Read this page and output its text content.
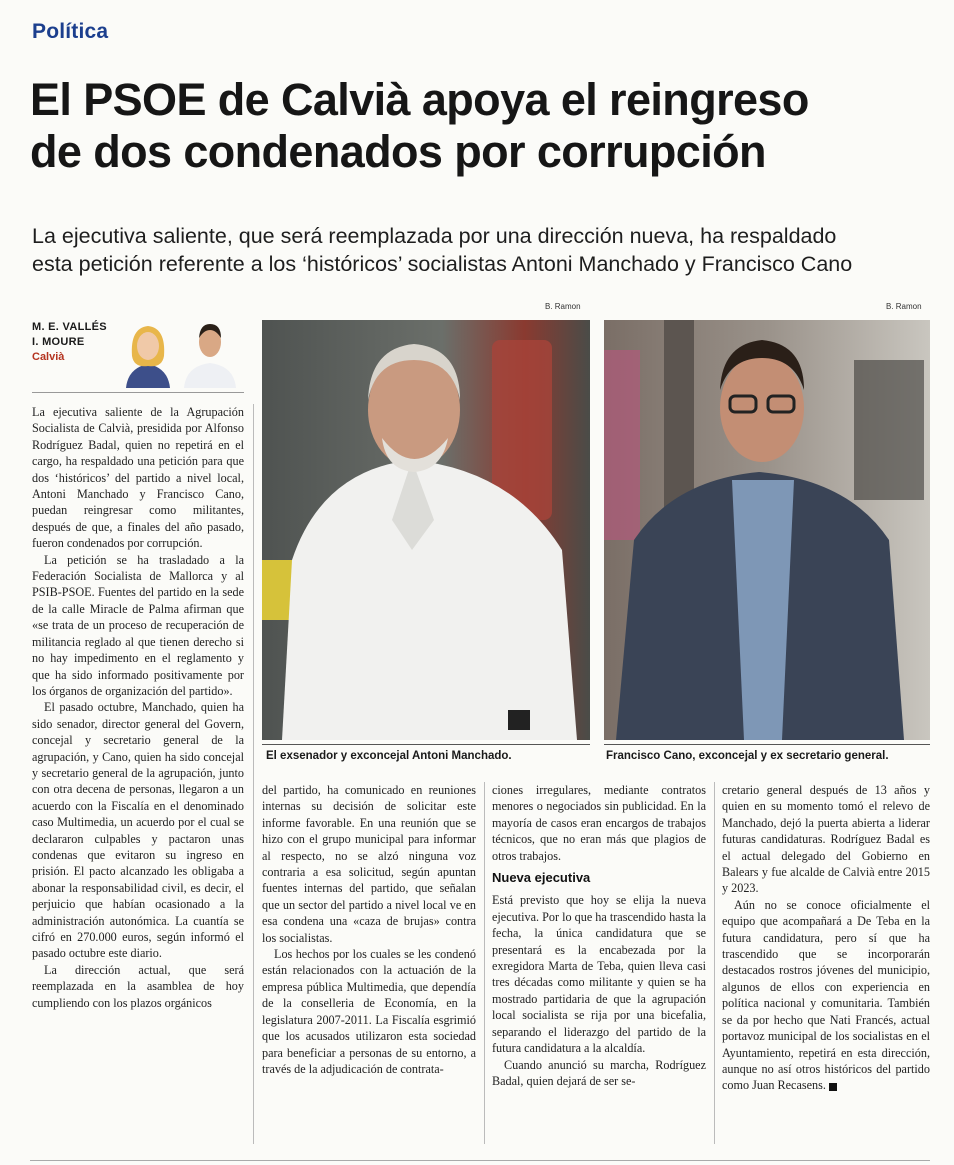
Política
El PSOE de Calvià apoya el reingreso
de dos condenados por corrupción
La ejecutiva saliente, que será reemplazada por una dirección nueva, ha respaldado
esta petición referente a los ‘históricos’ socialistas Antoni Manchado y Francisco Cano
M. E. VALLÉS
I. MOURE
Calvià
B. Ramon
El exsenador y exconcejal Antoni Manchado.
B. Ramon
Francisco Cano, exconcejal y ex secretario general.

La ejecutiva saliente de la Agrupación Socialista de Calvià, presidida por Alfonso Rodríguez Badal, quien no repetirá en el cargo, ha respaldado una petición para que dos ‘históricos’ del partido a nivel local, Antoni Manchado y Francisco Cano, puedan reingresar como militantes, después de que, a finales del año pasado, fueron condenados por corrupción.

La petición se ha trasladado a la Federación Socialista de Mallorca y al PSIB-PSOE. Fuentes del partido en la sede de la calle Miracle de Palma afirman que «se trata de un proceso de recuperación de militancia reglado al que tienen derecho si no hay impedimento en el reglamento y que ha sido informado positivamente por los órganos de organización del partido».

El pasado octubre, Manchado, quien ha sido senador, director general del Govern, concejal y secretario general de la agrupación, y Cano, quien ha sido concejal y secretario general de la agrupación, junto con otra decena de personas, llegaron a un acuerdo con la Fiscalía en el denominado caso Multimedia, un acuerdo por el cual se declararon culpables y pactaron unas condenas que evitaron su ingreso en prisión. El pacto alcanzado les obligaba a abonar la responsabilidad civil, es decir, el perjuicio que habían ocasionado a la administración autonómica. La cuantía se cifró en 270.000 euros, según informó el pasado octubre este diario.

La dirección actual, que será reemplazada en la asamblea de hoy cumpliendo con los plazos orgánicos

del partido, ha comunicado en reuniones internas su decisión de solicitar este informe favorable. En una reunión que se hizo con el grupo municipal para informar al respecto, no se alzó ninguna voz contraria a esa solicitud, según apuntan fuentes internas del partido, que señalan que un sector del partido a nivel local ve en esa condena una «caza de brujas» contra los socialistas.

Los hechos por los cuales se les condenó están relacionados con la actuación de la empresa pública Multimedia, que dependía de la conselleria de Economía, en la legislatura 2007-2011. La Fiscalía esgrimió que los acusados utilizaron esta sociedad para beneficiar a personas de su entorno, a través de la adjudicación de contrata-

ciones irregulares, mediante contratos menores o negociados sin publicidad. En la mayoría de casos eran encargos de trabajos técnicos, que no eran más que plagios de otros trabajos.

Nueva ejecutiva

Está previsto que hoy se elija la nueva ejecutiva. Por lo que ha trascendido hasta la fecha, la única candidatura que se presentará es la encabezada por la exregidora Marta de Teba, quien lleva casi tres décadas como militante y quien se ha mostrado partidaria de que la agrupación local socialista se rija por una bicefalia, separando el liderazgo del partido de la futura candidatura a la alcaldía.

Cuando anunció su marcha, Rodríguez Badal, quien dejará de ser se-

cretario general después de 13 años y quien en su momento tomó el relevo de Manchado, dejó la puerta abierta a liderar futuras candidaturas. Rodríguez Badal es el actual delegado del Gobierno en Balears y fue alcalde de Calvià entre 2015 y 2023.

Aún no se conoce oficialmente el equipo que acompañará a De Teba en la futura candidatura, pero sí que ha trascendido que se incorporarán destacados rostros jóvenes del municipio, algunos de ellos con experiencia en política nacional y comunitaria. También se da por hecho que Nati Francés, actual portavoz municipal de los socialistas en el Ayuntamiento, repetirá en esta dirección, aunque no así otros históricos del partido como Juan Recasens.
